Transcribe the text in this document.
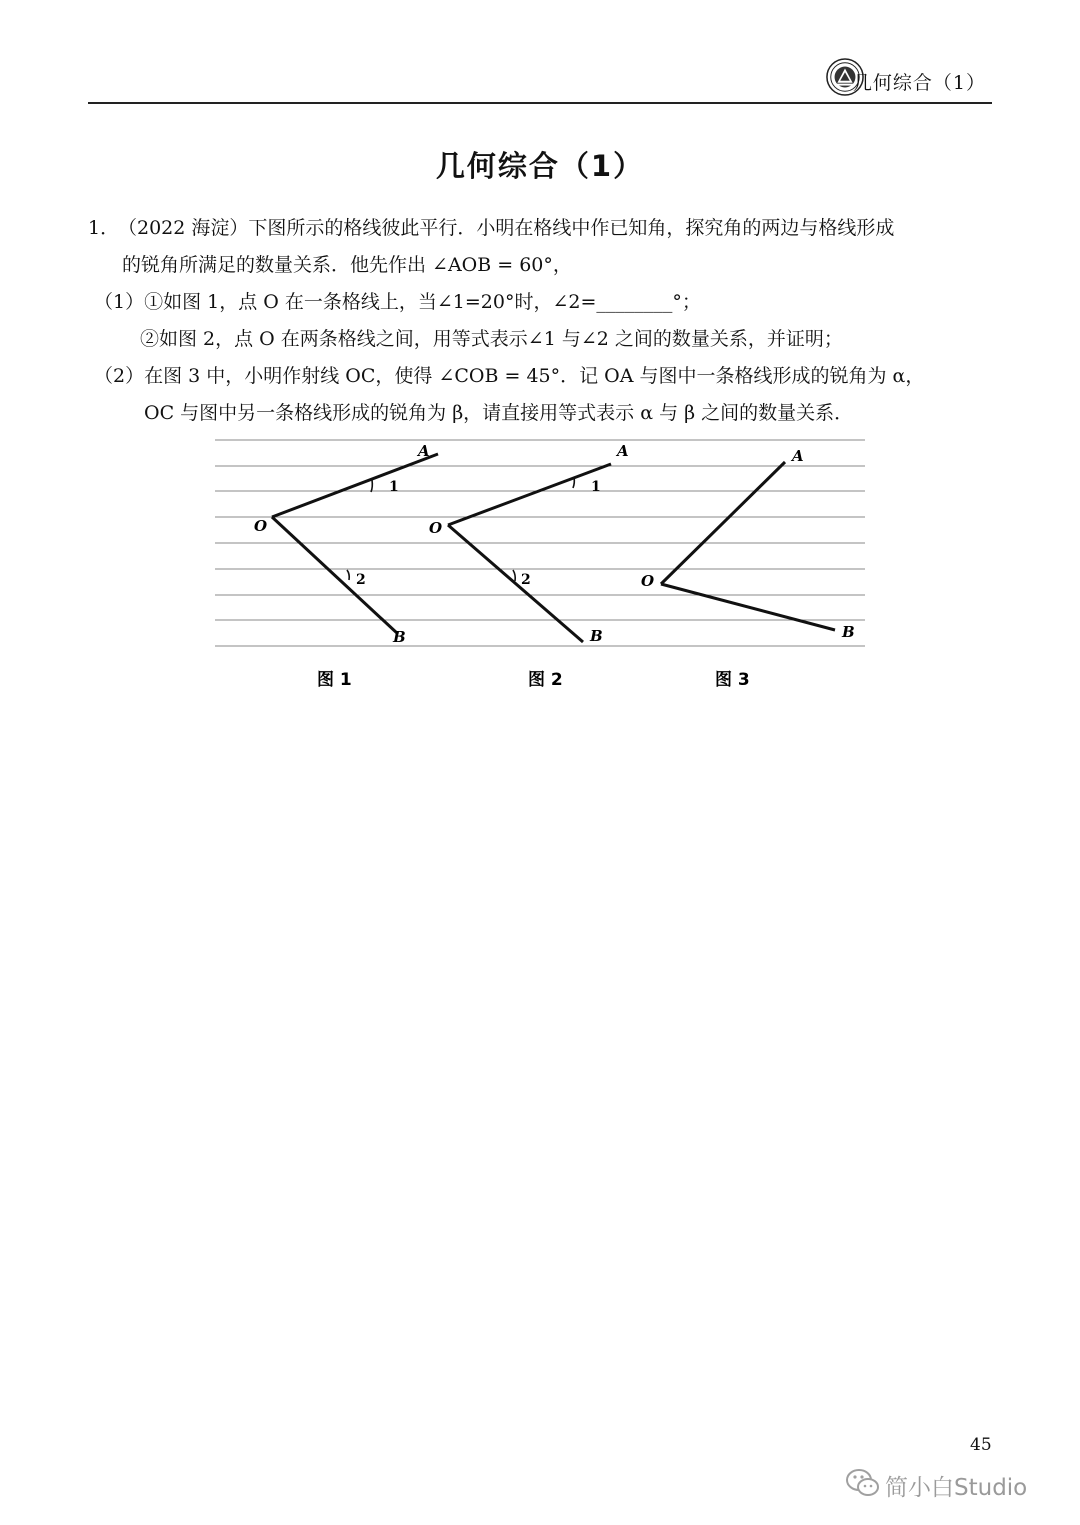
几何综合（1）
几何综合（1）
1．
（2022 海淀）下图所示的格线彼此平行．小明在格线中作已知角，探究角的两边与格线形成
的锐角所满足的数量关系．他先作出 ∠AOB = 60°，
（1）①如图 1，点 O 在一条格线上，当∠1=20°时，∠2=________°；
②如图 2，点 O 在两条格线之间，用等式表示∠1 与∠2 之间的数量关系，并证明；
（2）在图 3 中，小明作射线 OC，使得 ∠COB = 45°．记 OA 与图中一条格线形成的锐角为 α，
OC 与图中另一条格线形成的锐角为 β，请直接用等式表示 α 与 β 之间的数量关系．
A
O
B
1
2
图 1
A
O
B
1
2
图 2
A
O
B
图 3
45
简小白Studio
